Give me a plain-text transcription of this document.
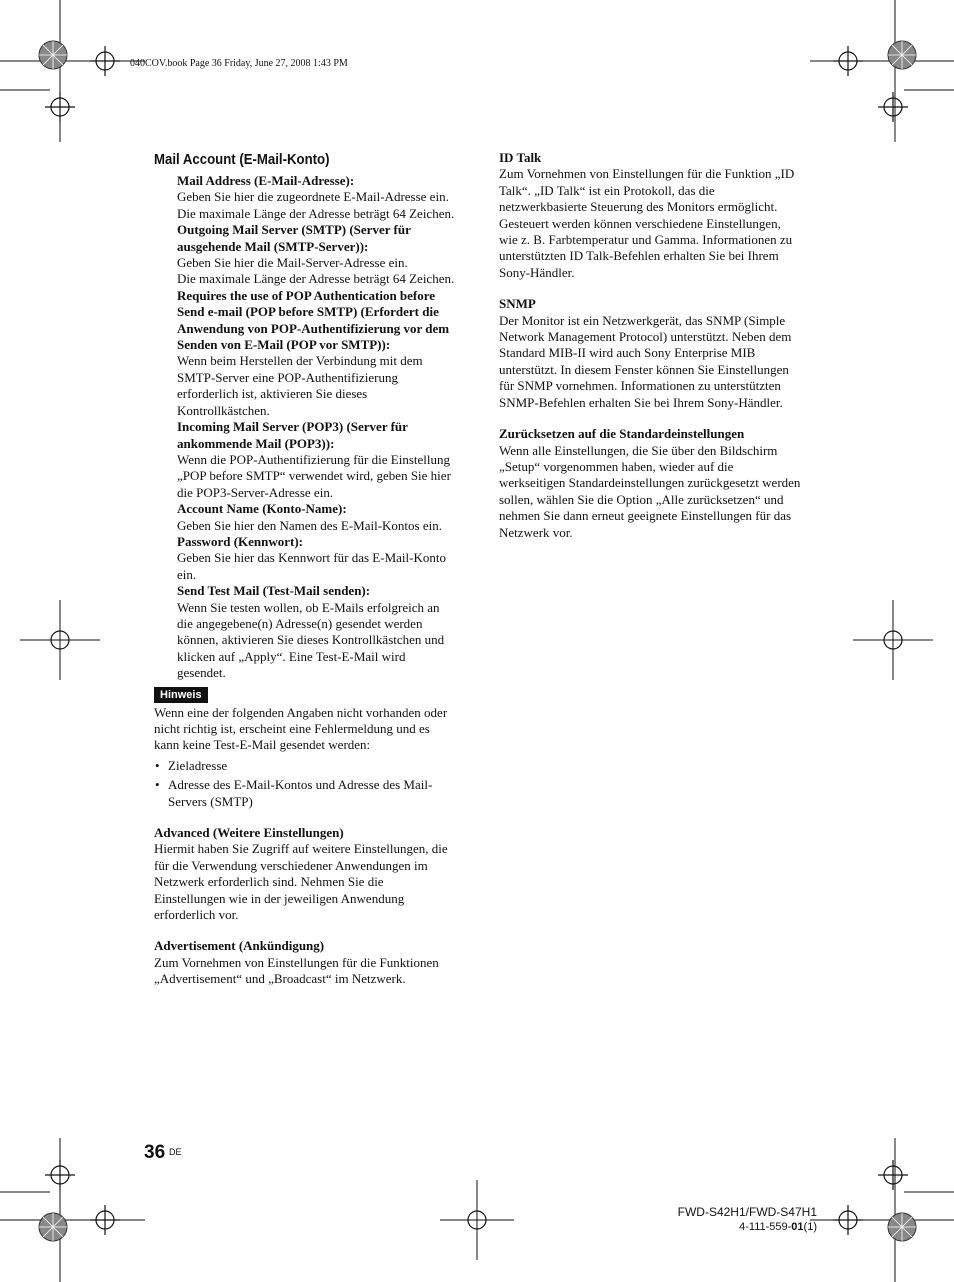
040COV.book Page 36 Friday, June 27, 2008 1:43 PM
Mail Account (E-Mail-Konto)

Mail Address (E-Mail-Adresse):

Geben Sie hier die zugeordnete E-Mail-Adresse ein.

Die maximale Länge der Adresse beträgt 64 Zeichen.

Outgoing Mail Server (SMTP) (Server für ausgehende Mail (SMTP-Server)):

Geben Sie hier die Mail-Server-Adresse ein.

Die maximale Länge der Adresse beträgt 64 Zeichen.

Requires the use of POP Authentication before Send e-mail (POP before SMTP) (Erfordert die Anwendung von POP-Authentifizierung vor dem Senden von E-Mail (POP vor SMTP)):

Wenn beim Herstellen der Verbindung mit dem SMTP-Server eine POP-Authentifizierung erforderlich ist, aktivieren Sie dieses Kontrollkästchen.

Incoming Mail Server (POP3) (Server für ankommende Mail (POP3)):

Wenn die POP-Authentifizierung für die Einstellung „POP before SMTP“ verwendet wird, geben Sie hier die POP3-Server-Adresse ein.

Account Name (Konto-Name):

Geben Sie hier den Namen des E-Mail-Kontos ein.

Password (Kennwort):

Geben Sie hier das Kennwort für das E-Mail-Konto ein.

Send Test Mail (Test-Mail senden):

Wenn Sie testen wollen, ob E-Mails erfolgreich an die angegebene(n) Adresse(n) gesendet werden können, aktivieren Sie dieses Kontrollkästchen und klicken auf „Apply“. Eine Test-E-Mail wird gesendet.

Hinweis

Wenn eine der folgenden Angaben nicht vorhanden oder nicht richtig ist, erscheint eine Fehlermeldung und es kann keine Test-E-Mail gesendet werden:

• Zieladresse
• Adresse des E-Mail-Kontos und Adresse des Mail-Servers (SMTP)

Advanced (Weitere Einstellungen)

Hiermit haben Sie Zugriff auf weitere Einstellungen, die für die Verwendung verschiedener Anwendungen im Netzwerk erforderlich sind. Nehmen Sie die Einstellungen wie in der jeweiligen Anwendung erforderlich vor.

Advertisement (Ankündigung)

Zum Vornehmen von Einstellungen für die Funktionen „Advertisement“ und „Broadcast“ im Netzwerk.

ID Talk

Zum Vornehmen von Einstellungen für die Funktion „ID Talk“. „ID Talk“ ist ein Protokoll, das die netzwerkbasierte Steuerung des Monitors ermöglicht. Gesteuert werden können verschiedene Einstellungen, wie z. B. Farbtemperatur und Gamma. Informationen zu unterstützten ID Talk-Befehlen erhalten Sie bei Ihrem Sony-Händler.

SNMP

Der Monitor ist ein Netzwerkgerät, das SNMP (Simple Network Management Protocol) unterstützt. Neben dem Standard MIB-II wird auch Sony Enterprise MIB unterstützt. In diesem Fenster können Sie Einstellungen für SNMP vornehmen. Informationen zu unterstützten SNMP-Befehlen erhalten Sie bei Ihrem Sony-Händler.

Zurücksetzen auf die Standardeinstellungen

Wenn alle Einstellungen, die Sie über den Bildschirm „Setup“ vorgenommen haben, wieder auf die werkseitigen Standardeinstellungen zurückgesetzt werden sollen, wählen Sie die Option „Alle zurücksetzen“ und nehmen Sie dann erneut geeignete Einstellungen für das Netzwerk vor.

36 DE
FWD-S42H1/FWD-S47H1
4-111-559-01(1)
